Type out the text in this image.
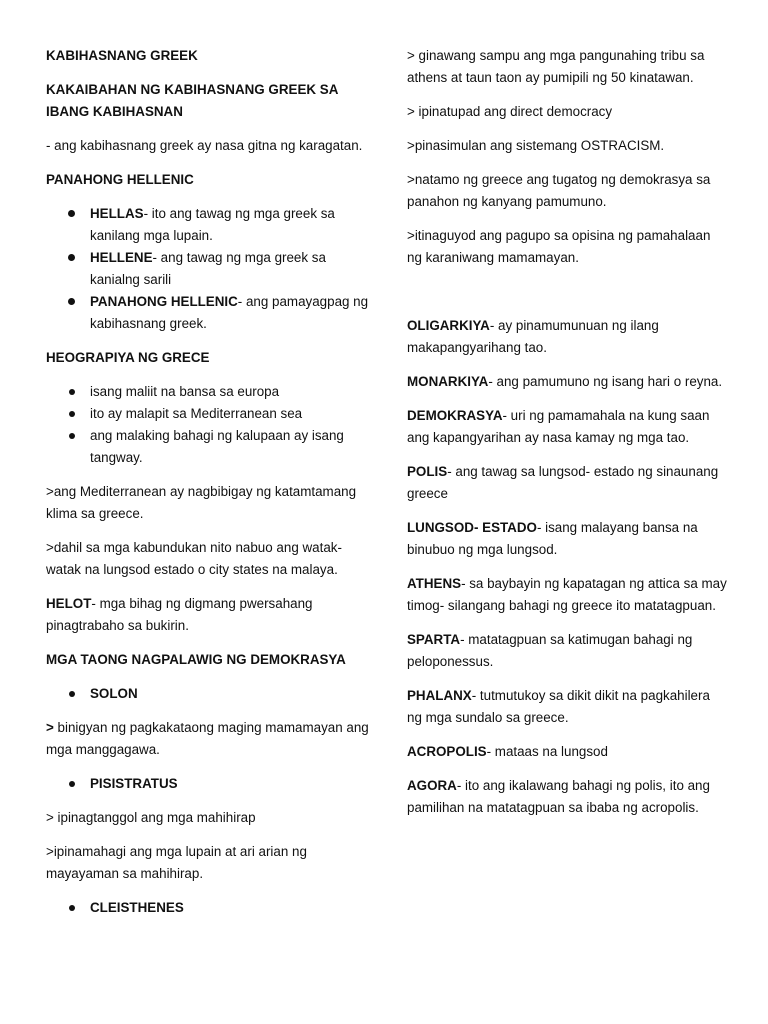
KABIHASNANG GREEK

KAKAIBAHAN NG KABIHASNANG GREEK SA IBANG KABIHASNAN

- ang kabihasnang greek ay nasa gitna ng karagatan.

PANAHONG HELLENIC

HELLAS- ito ang tawag ng mga greek sa kanilang mga lupain.
HELLENE- ang tawag ng mga greek sa kanialng sarili
PANAHONG HELLENIC- ang pamayagpag ng kabihasnang greek.

HEOGRAPIYA NG GRECE

isang maliit na bansa sa europa
ito ay malapit sa Mediterranean sea
ang malaking bahagi ng kalupaan ay isang tangway.

>ang Mediterranean ay nagbibigay ng katamtamang klima sa greece.

>dahil sa mga kabundukan nito nabuo ang watak-watak na lungsod estado o city states na malaya.

HELOT- mga bihag ng digmang pwersahang pinagtrabaho sa bukirin.

MGA TAONG NAGPALAWIG NG DEMOKRASYA

SOLON

> binigyan ng pagkakataong maging mamamayan ang mga manggagawa.

PISISTRATUS

> ipinagtanggol ang mga mahihirap

>ipinamahagi ang mga lupain at ari arian ng mayayaman sa mahihirap.

CLEISTHENES

> ginawang sampu ang mga pangunahing tribu sa athens at taun taon ay pumipili ng 50 kinatawan.

> ipinatupad ang direct democracy

>pinasimulan ang sistemang OSTRACISM.

>natamo ng greece ang tugatog ng demokrasya sa panahon ng kanyang pamumuno.

>itinaguyod ang pagupo sa opisina ng pamahalaan ng karaniwang mamamayan.

OLIGARKIYA- ay pinamumunuan ng ilang makapangyarihang tao.

MONARKIYA- ang pamumuno ng isang hari o reyna.

DEMOKRASYA- uri ng pamamahala na kung saan ang kapangyarihan ay nasa kamay ng mga tao.

POLIS- ang tawag sa lungsod- estado ng sinaunang greece

LUNGSOD- ESTADO- isang malayang bansa na binubuo ng mga lungsod.

ATHENS- sa baybayin ng kapatagan ng attica sa may timog- silangang bahagi ng greece ito matatagpuan.

SPARTA- matatagpuan sa katimugan bahagi ng peloponessus.

PHALANX- tutmutukoy sa dikit dikit na pagkahilera ng mga sundalo sa greece.

ACROPOLIS- mataas na lungsod

AGORA- ito ang ikalawang bahagi ng polis, ito ang pamilihan na matatagpuan sa ibaba ng acropolis.
